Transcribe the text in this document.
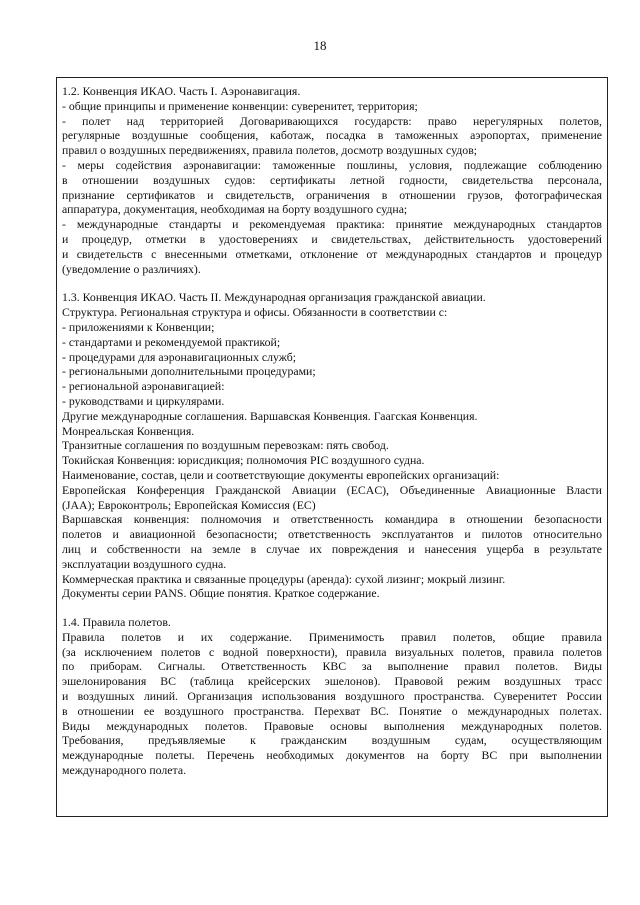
18
1.2. Конвенция ИКАО. Часть I. Аэронавигация.
- общие принципы и применение конвенции: суверенитет, территория;
- полет над территорией Договаривающихся государств: право нерегулярных полетов,
регулярные воздушные сообщения, каботаж, посадка в таможенных аэропортах, применение
правил о воздушных передвижениях, правила полетов, досмотр воздушных судов;
- меры содействия аэронавигации: таможенные пошлины, условия, подлежащие соблюдению
в отношении воздушных судов: сертификаты летной годности, свидетельства персонала,
признание сертификатов и свидетельств, ограничения в отношении грузов, фотографическая
аппаратура, документация, необходимая на борту воздушного судна;
- международные стандарты и рекомендуемая практика: принятие международных стандартов
и процедур, отметки в удостоверениях и свидетельствах, действительность удостоверений
и свидетельств с внесенными отметками, отклонение от международных стандартов и процедур
(уведомление о различиях).
1.3. Конвенция ИКАО. Часть II. Международная организация гражданской авиации.
Структура. Региональная структура и офисы. Обязанности в соответствии с:
- приложениями к Конвенции;
- стандартами и рекомендуемой практикой;
- процедурами для аэронавигационных служб;
- региональными дополнительными процедурами;
- региональной аэронавигацией:
- руководствами и циркулярами.
Другие международные соглашения. Варшавская Конвенция. Гаагская Конвенция.
Монреальская Конвенция.
Транзитные соглашения по воздушным перевозкам: пять свобод.
Токийская Конвенция: юрисдикция; полномочия PIC воздушного судна.
Наименование, состав, цели и соответствующие документы европейских организаций:
Европейская Конференция Гражданской Авиации (ECAC), Объединенные Авиационные Власти
(JAA); Евроконтроль; Европейская Комиссия (ЕС)
Варшавская конвенция: полномочия и ответственность командира в отношении безопасности
полетов и авиационной безопасности; ответственность эксплуатантов и пилотов относительно
лиц и собственности на земле в случае их повреждения и нанесения ущерба в результате
эксплуатации воздушного судна.
Коммерческая практика и связанные процедуры (аренда): сухой лизинг; мокрый лизинг.
Документы серии PANS. Общие понятия. Краткое содержание.
1.4. Правила полетов.
Правила полетов и их содержание. Применимость правил полетов, общие правила
(за исключением полетов с водной поверхности), правила визуальных полетов, правила полетов
по приборам. Сигналы. Ответственность КВС за выполнение правил полетов. Виды
эшелонирования ВС (таблица крейсерских эшелонов). Правовой режим воздушных трасс
и воздушных линий. Организация использования воздушного пространства. Суверенитет России
в отношении ее воздушного пространства. Перехват ВС. Понятие о международных полетах.
Виды международных полетов. Правовые основы выполнения международных полетов.
Требования, предъявляемые к гражданским воздушным судам, осуществляющим
международные полеты. Перечень необходимых документов на борту ВС при выполнении
международного полета.
